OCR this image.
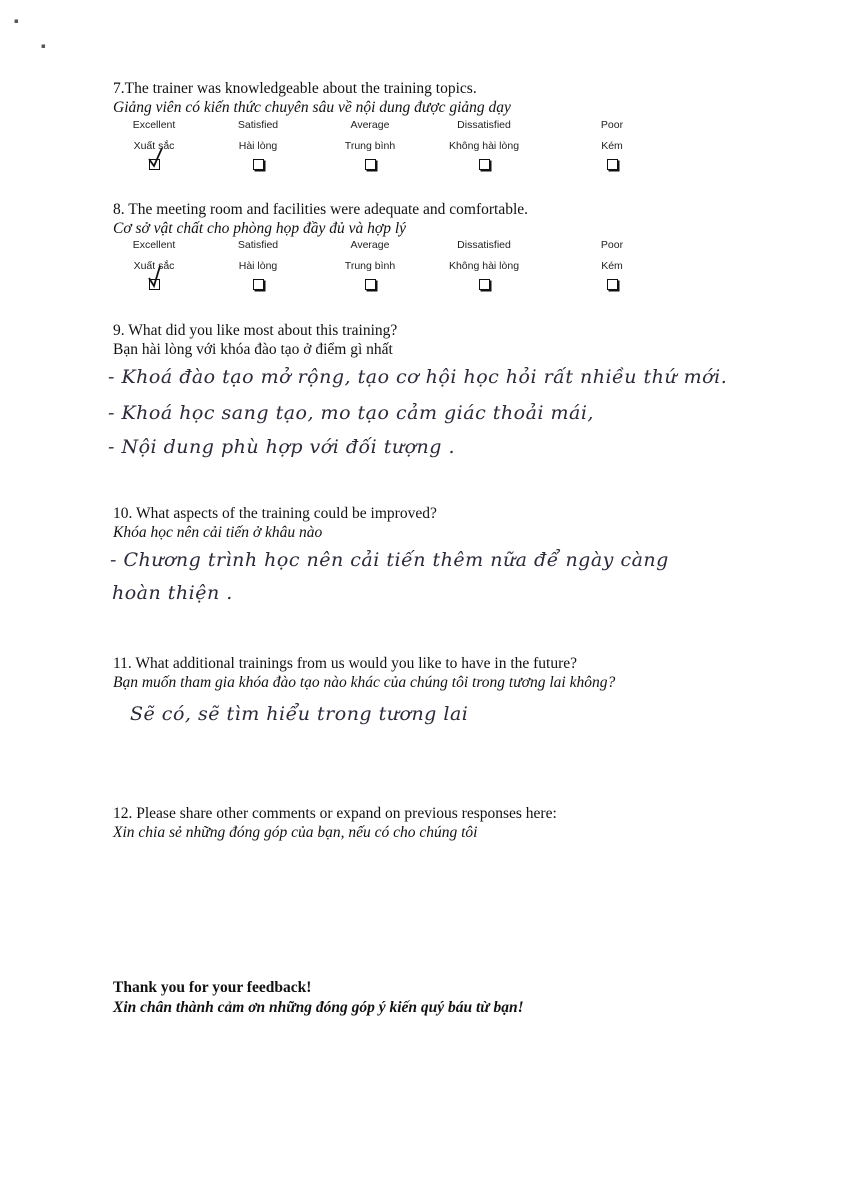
▪
▪
7.The trainer was knowledgeable about the training topics.
Giảng viên có kiến thức chuyên sâu về nội dung được giảng dạy
Excellent
Xuất sắc
Satisfied
Hài lòng
Average
Trung bình
Dissatisfied
Không hài lòng
Poor
Kém
8. The meeting room and facilities were adequate and comfortable.
Cơ sở vật chất cho phòng họp đầy đủ và hợp lý
Excellent
Xuất sắc
Satisfied
Hài lòng
Average
Trung bình
Dissatisfied
Không hài lòng
Poor
Kém
9. What did you like most about this training?
Bạn hài lòng với khóa đào tạo ở điểm gì nhất
- Khoá đào tạo mở rộng, tạo cơ hội học hỏi rất nhiều thứ mới.
- Khoá học sang tạo, mo tạo cảm giác thoải mái,
- Nội dung phù hợp với đối tượng .
10. What aspects of the training could be improved?
Khóa học nên cải tiến ở khâu nào
- Chương trình học nên cải tiến thêm nữa để ngày càng
hoàn thiện .
11. What additional trainings from us would you like to have in the future?
Bạn muốn tham gia khóa đào tạo nào khác của chúng tôi trong tương lai không?
Sẽ có, sẽ tìm hiểu trong tương lai
12. Please share other comments or expand on previous responses here:
Xin chia sẻ những đóng góp của bạn, nếu có cho chúng tôi
Thank you for your feedback!
Xin chân thành cảm ơn những đóng góp ý kiến quý báu từ bạn!
